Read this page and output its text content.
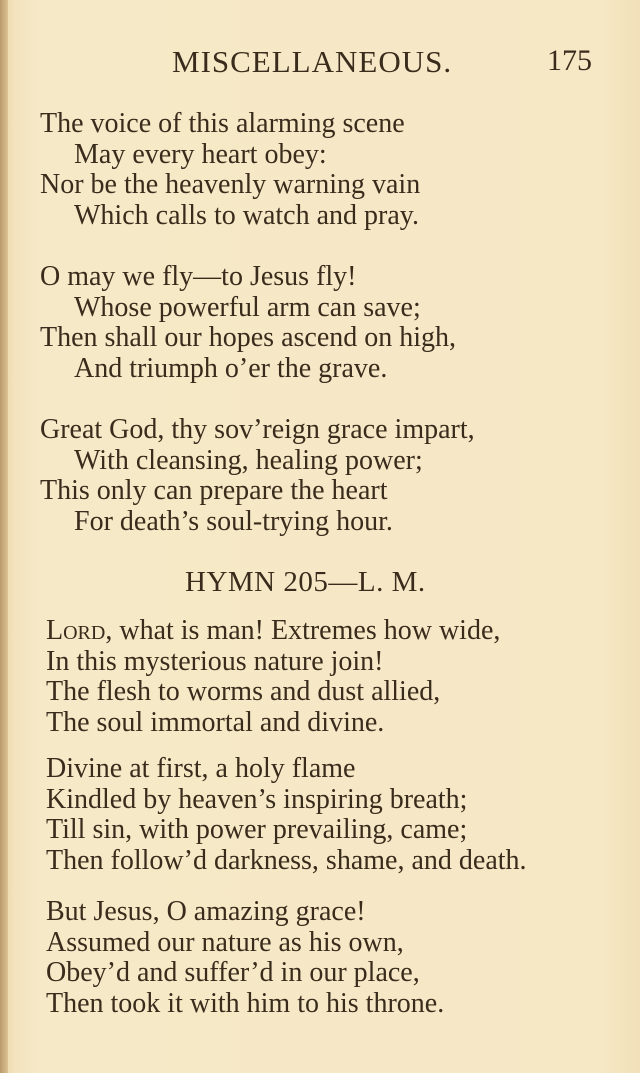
MISCELLANEOUS.	175
The voice of this alarming scene
May every heart obey:
Nor be the heavenly warning vain
Which calls to watch and pray.
O may we fly—to Jesus fly!
Whose powerful arm can save;
Then shall our hopes ascend on high,
And triumph o’er the grave.
Great God, thy sov’reign grace impart,
With cleansing, healing power;
This only can prepare the heart
For death’s soul-trying hour.
HYMN 205—L. M.
Lord, what is man! Extremes how wide,
In this mysterious nature join!
The flesh to worms and dust allied,
The soul immortal and divine.
Divine at first, a holy flame
Kindled by heaven’s inspiring breath;
Till sin, with power prevailing, came;
Then follow’d darkness, shame, and death.
But Jesus, O amazing grace!
Assumed our nature as his own,
Obey’d and suffer’d in our place,
Then took it with him to his throne.
